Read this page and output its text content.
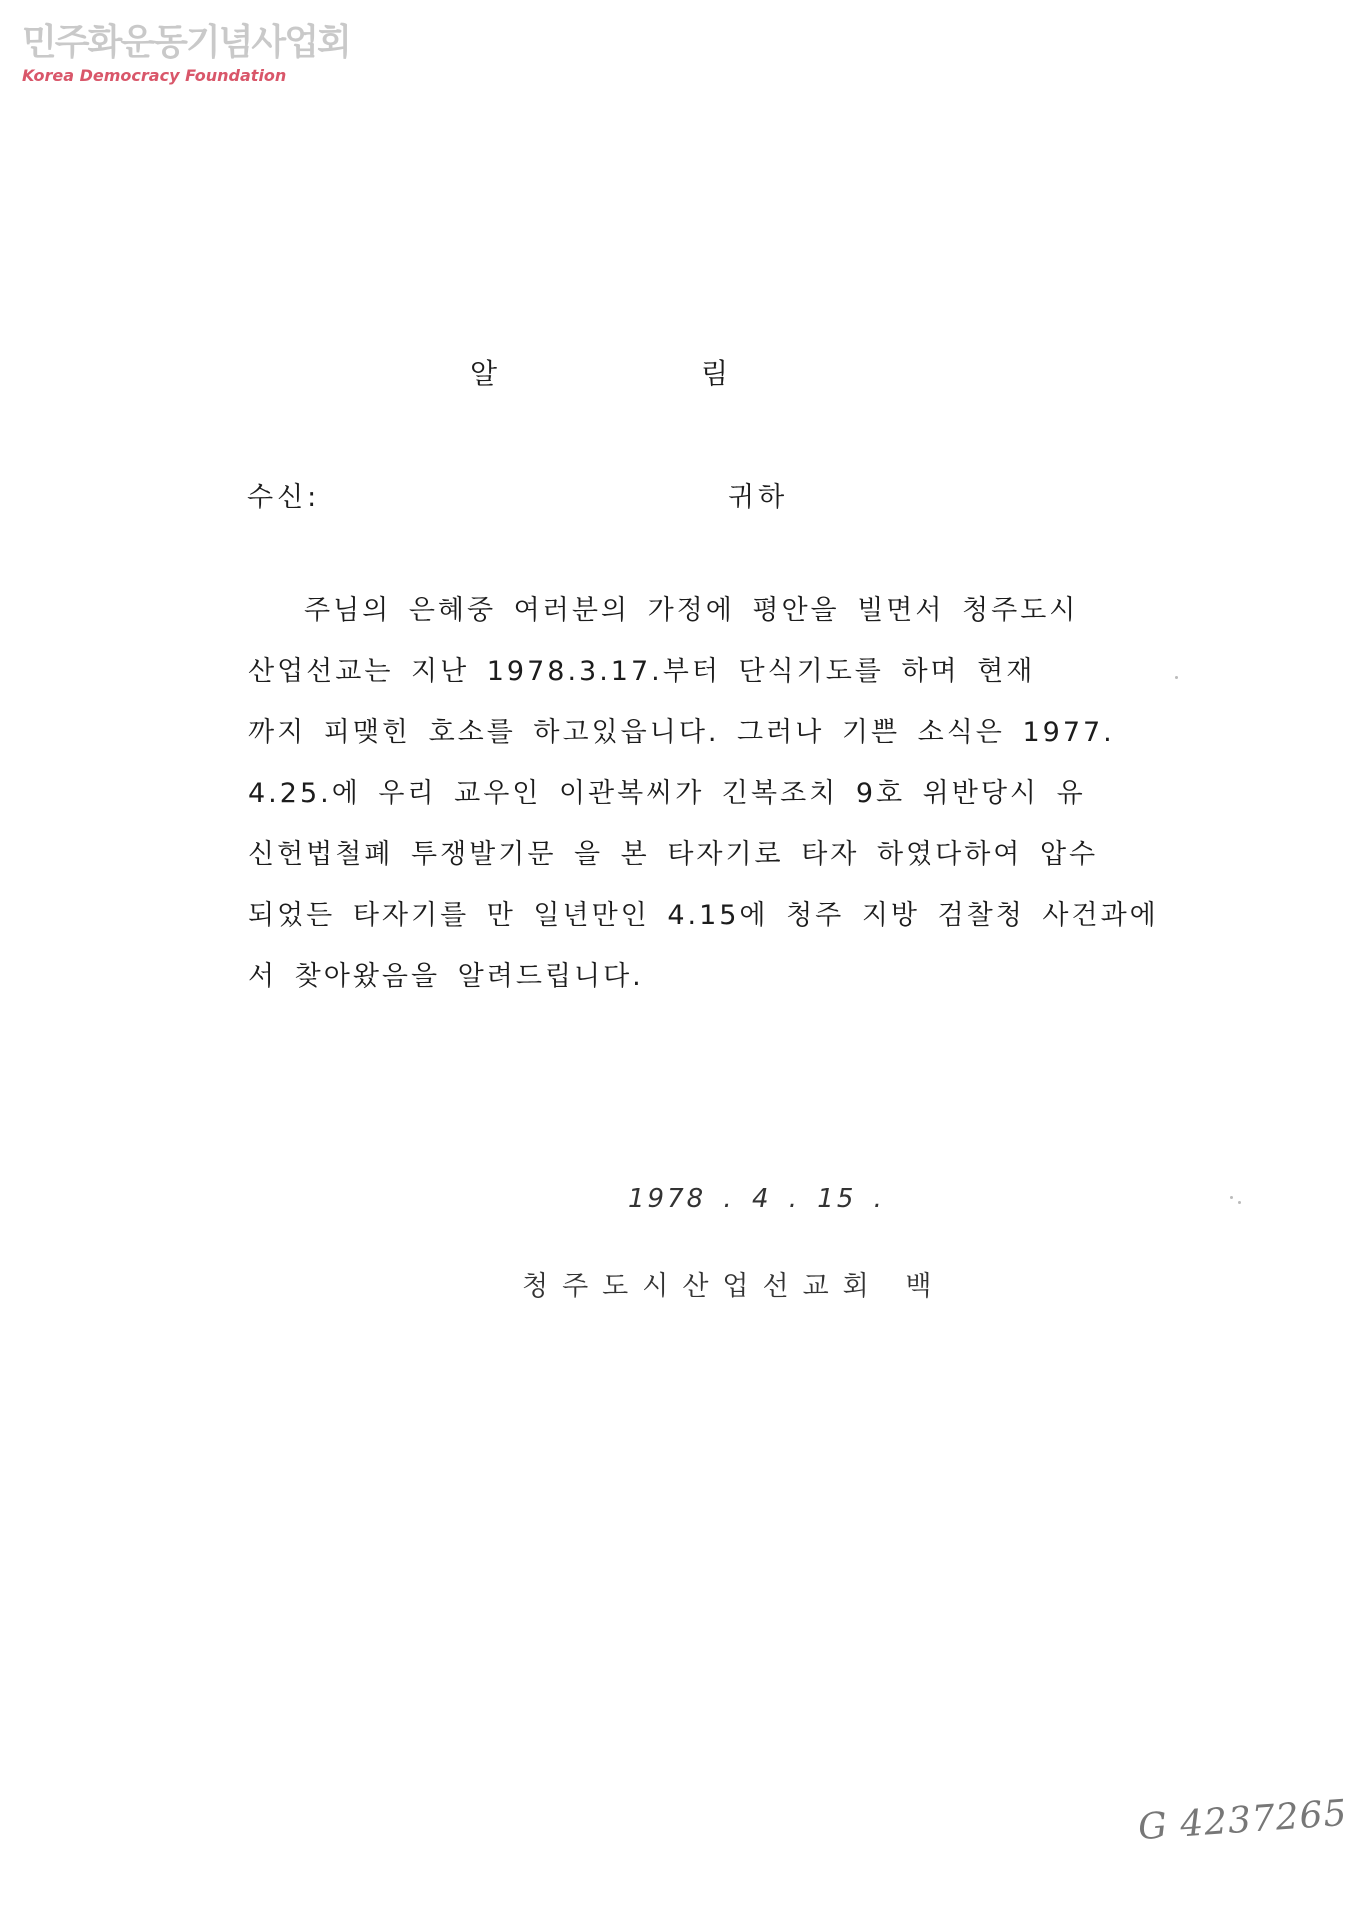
민주화운동기념사업회
Korea Democracy Foundation
알	림
수신:	귀하
주님의 은혜중 여러분의 가정에 평안을 빌면서 청주도시
산업선교는 지난 1978.3.17.부터 단식기도를 하며 현재
까지 피맺힌 호소를 하고있읍니다. 그러나 기쁜 소식은 1977.
4.25.에 우리 교우인 이관복씨가 긴복조치 9호 위반당시 유
신헌법철폐 투쟁발기문 을 본 타자기로 타자 하였다하여 압수
되었든 타자기를 만 일년만인 4.15에 청주 지방 검찰청 사건과에
서 찾아왔음을 알려드립니다.
1978 . 4 . 15 .
청주도시산업선교회 백
G 4237265
